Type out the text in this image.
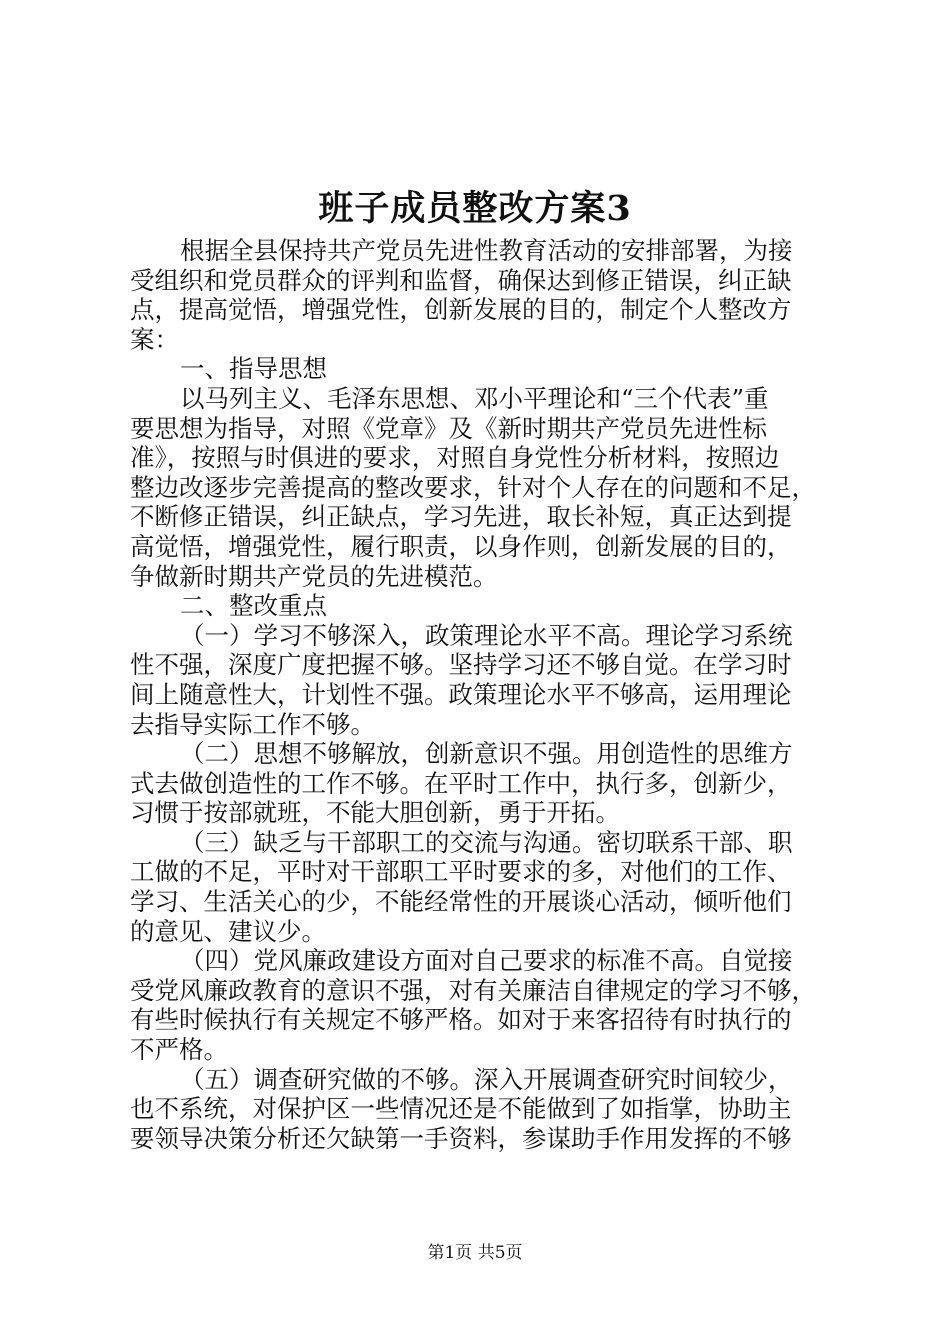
班子成员整改方案3
根据全县保持共产党员先进性教育活动的安排部署，为接
受组织和党员群众的评判和监督，确保达到修正错误，纠正缺
点，提高觉悟，增强党性，创新发展的目的，制定个人整改方
案：
一、指导思想
以马列主义、毛泽东思想、邓小平理论和“三个代表”重
要思想为指导，对照《党章》及《新时期共产党员先进性标
准》，按照与时俱进的要求，对照自身党性分析材料，按照边
整边改逐步完善提高的整改要求，针对个人存在的问题和不足，
不断修正错误，纠正缺点，学习先进，取长补短，真正达到提
高觉悟，增强党性，履行职责，以身作则，创新发展的目的，
争做新时期共产党员的先进模范。
二、整改重点
（一）学习不够深入，政策理论水平不高。理论学习系统
性不强，深度广度把握不够。坚持学习还不够自觉。在学习时
间上随意性大，计划性不强。政策理论水平不够高，运用理论
去指导实际工作不够。
（二）思想不够解放，创新意识不强。用创造性的思维方
式去做创造性的工作不够。在平时工作中，执行多，创新少，
习惯于按部就班，不能大胆创新，勇于开拓。
（三）缺乏与干部职工的交流与沟通。密切联系干部、职
工做的不足，平时对干部职工平时要求的多，对他们的工作、
学习、生活关心的少，不能经常性的开展谈心活动，倾听他们
的意见、建议少。
（四）党风廉政建设方面对自己要求的标准不高。自觉接
受党风廉政教育的意识不强，对有关廉洁自律规定的学习不够，
有些时候执行有关规定不够严格。如对于来客招待有时执行的
不严格。
（五）调查研究做的不够。深入开展调查研究时间较少，
也不系统，对保护区一些情况还是不能做到了如指掌，协助主
要领导决策分析还欠缺第一手资料，参谋助手作用发挥的不够
第1页 共5页
